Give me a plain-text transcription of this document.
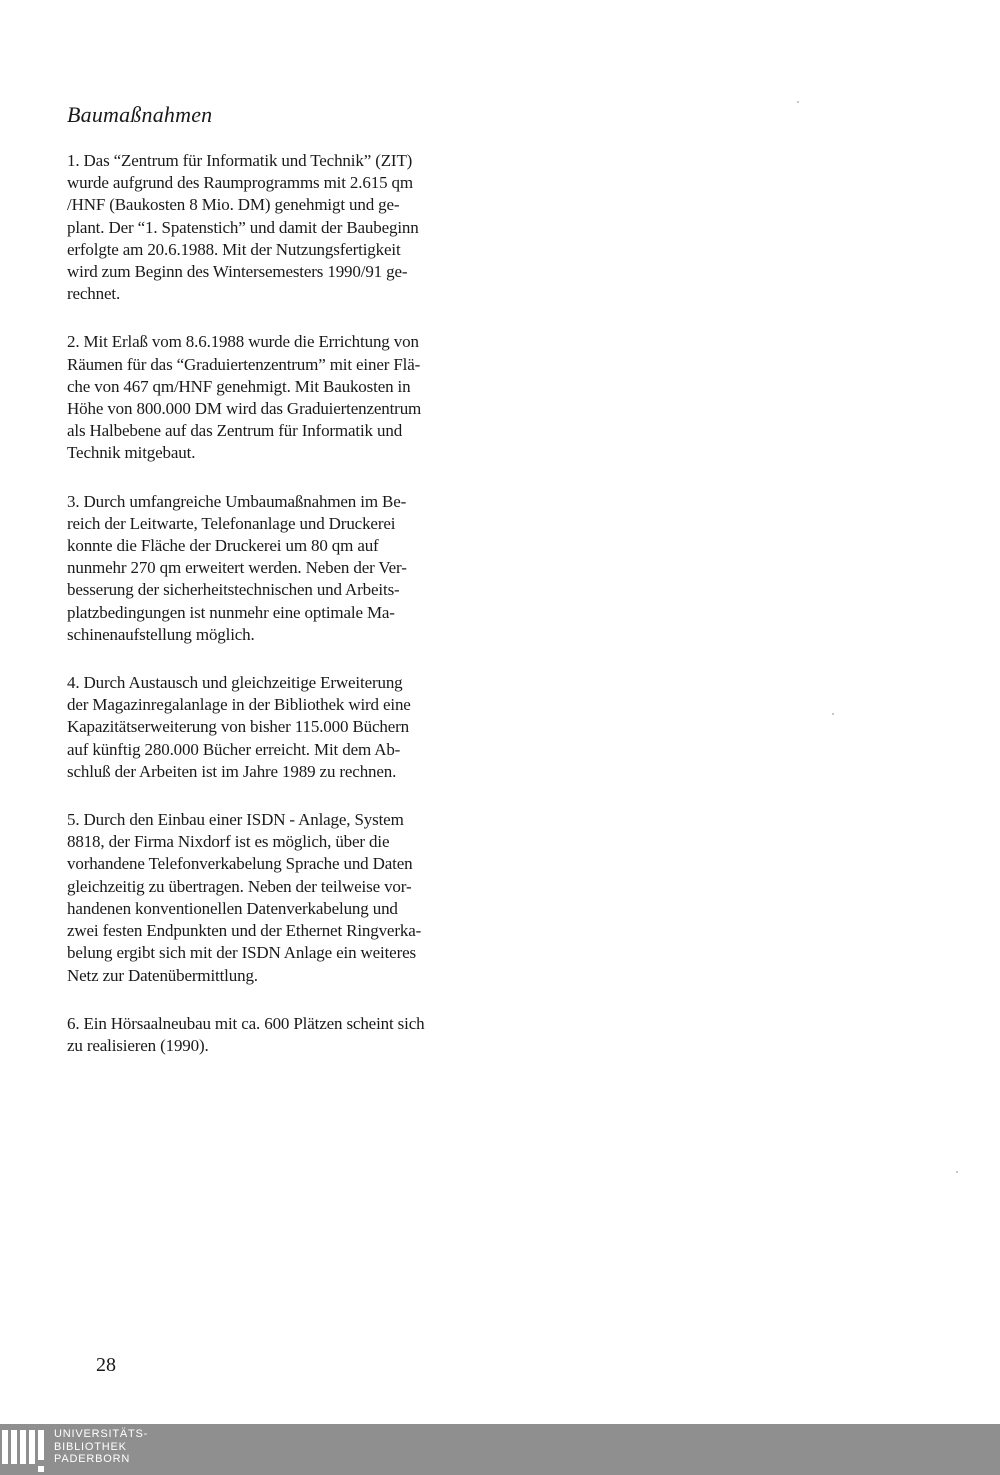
Baumaßnahmen

1. Das “Zentrum für Informatik und Technik” (ZIT)
wurde aufgrund des Raumprogramms mit 2.615 qm
/HNF (Baukosten 8 Mio. DM) genehmigt und ge-
plant. Der “1. Spatenstich” und damit der Baubeginn
erfolgte am 20.6.1988. Mit der Nutzungsfertigkeit
wird zum Beginn des Wintersemesters 1990/91 ge-
rechnet.

2. Mit Erlaß vom 8.6.1988 wurde die Errichtung von
Räumen für das “Graduiertenzentrum” mit einer Flä-
che von 467 qm/HNF genehmigt. Mit Baukosten in
Höhe von 800.000 DM wird das Graduiertenzentrum
als Halbebene auf das Zentrum für Informatik und
Technik mitgebaut.

3. Durch umfangreiche Umbaumaßnahmen im Be-
reich der Leitwarte, Telefonanlage und Druckerei
konnte die Fläche der Druckerei um 80 qm auf
nunmehr 270 qm erweitert werden. Neben der Ver-
besserung der sicherheitstechnischen und Arbeits-
platzbedingungen ist nunmehr eine optimale Ma-
schinenaufstellung möglich.

4. Durch Austausch und gleichzeitige Erweiterung
der Magazinregalanlage in der Bibliothek wird eine
Kapazitätserweiterung von bisher 115.000 Büchern
auf künftig 280.000 Bücher erreicht. Mit dem Ab-
schluß der Arbeiten ist im Jahre 1989 zu rechnen.

5. Durch den Einbau einer ISDN - Anlage, System
8818, der Firma Nixdorf ist es möglich, über die
vorhandene Telefonverkabelung Sprache und Daten
gleichzeitig zu übertragen. Neben der teilweise vor-
handenen konventionellen Datenverkabelung und
zwei festen Endpunkten und der Ethernet Ringverka-
belung ergibt sich mit der ISDN Anlage ein weiteres
Netz zur Datenübermittlung.

6. Ein Hörsaalneubau mit ca. 600 Plätzen scheint sich
zu realisieren (1990).

28
UNIVERSITÄTS-
BIBLIOTHEK
PADERBORN
